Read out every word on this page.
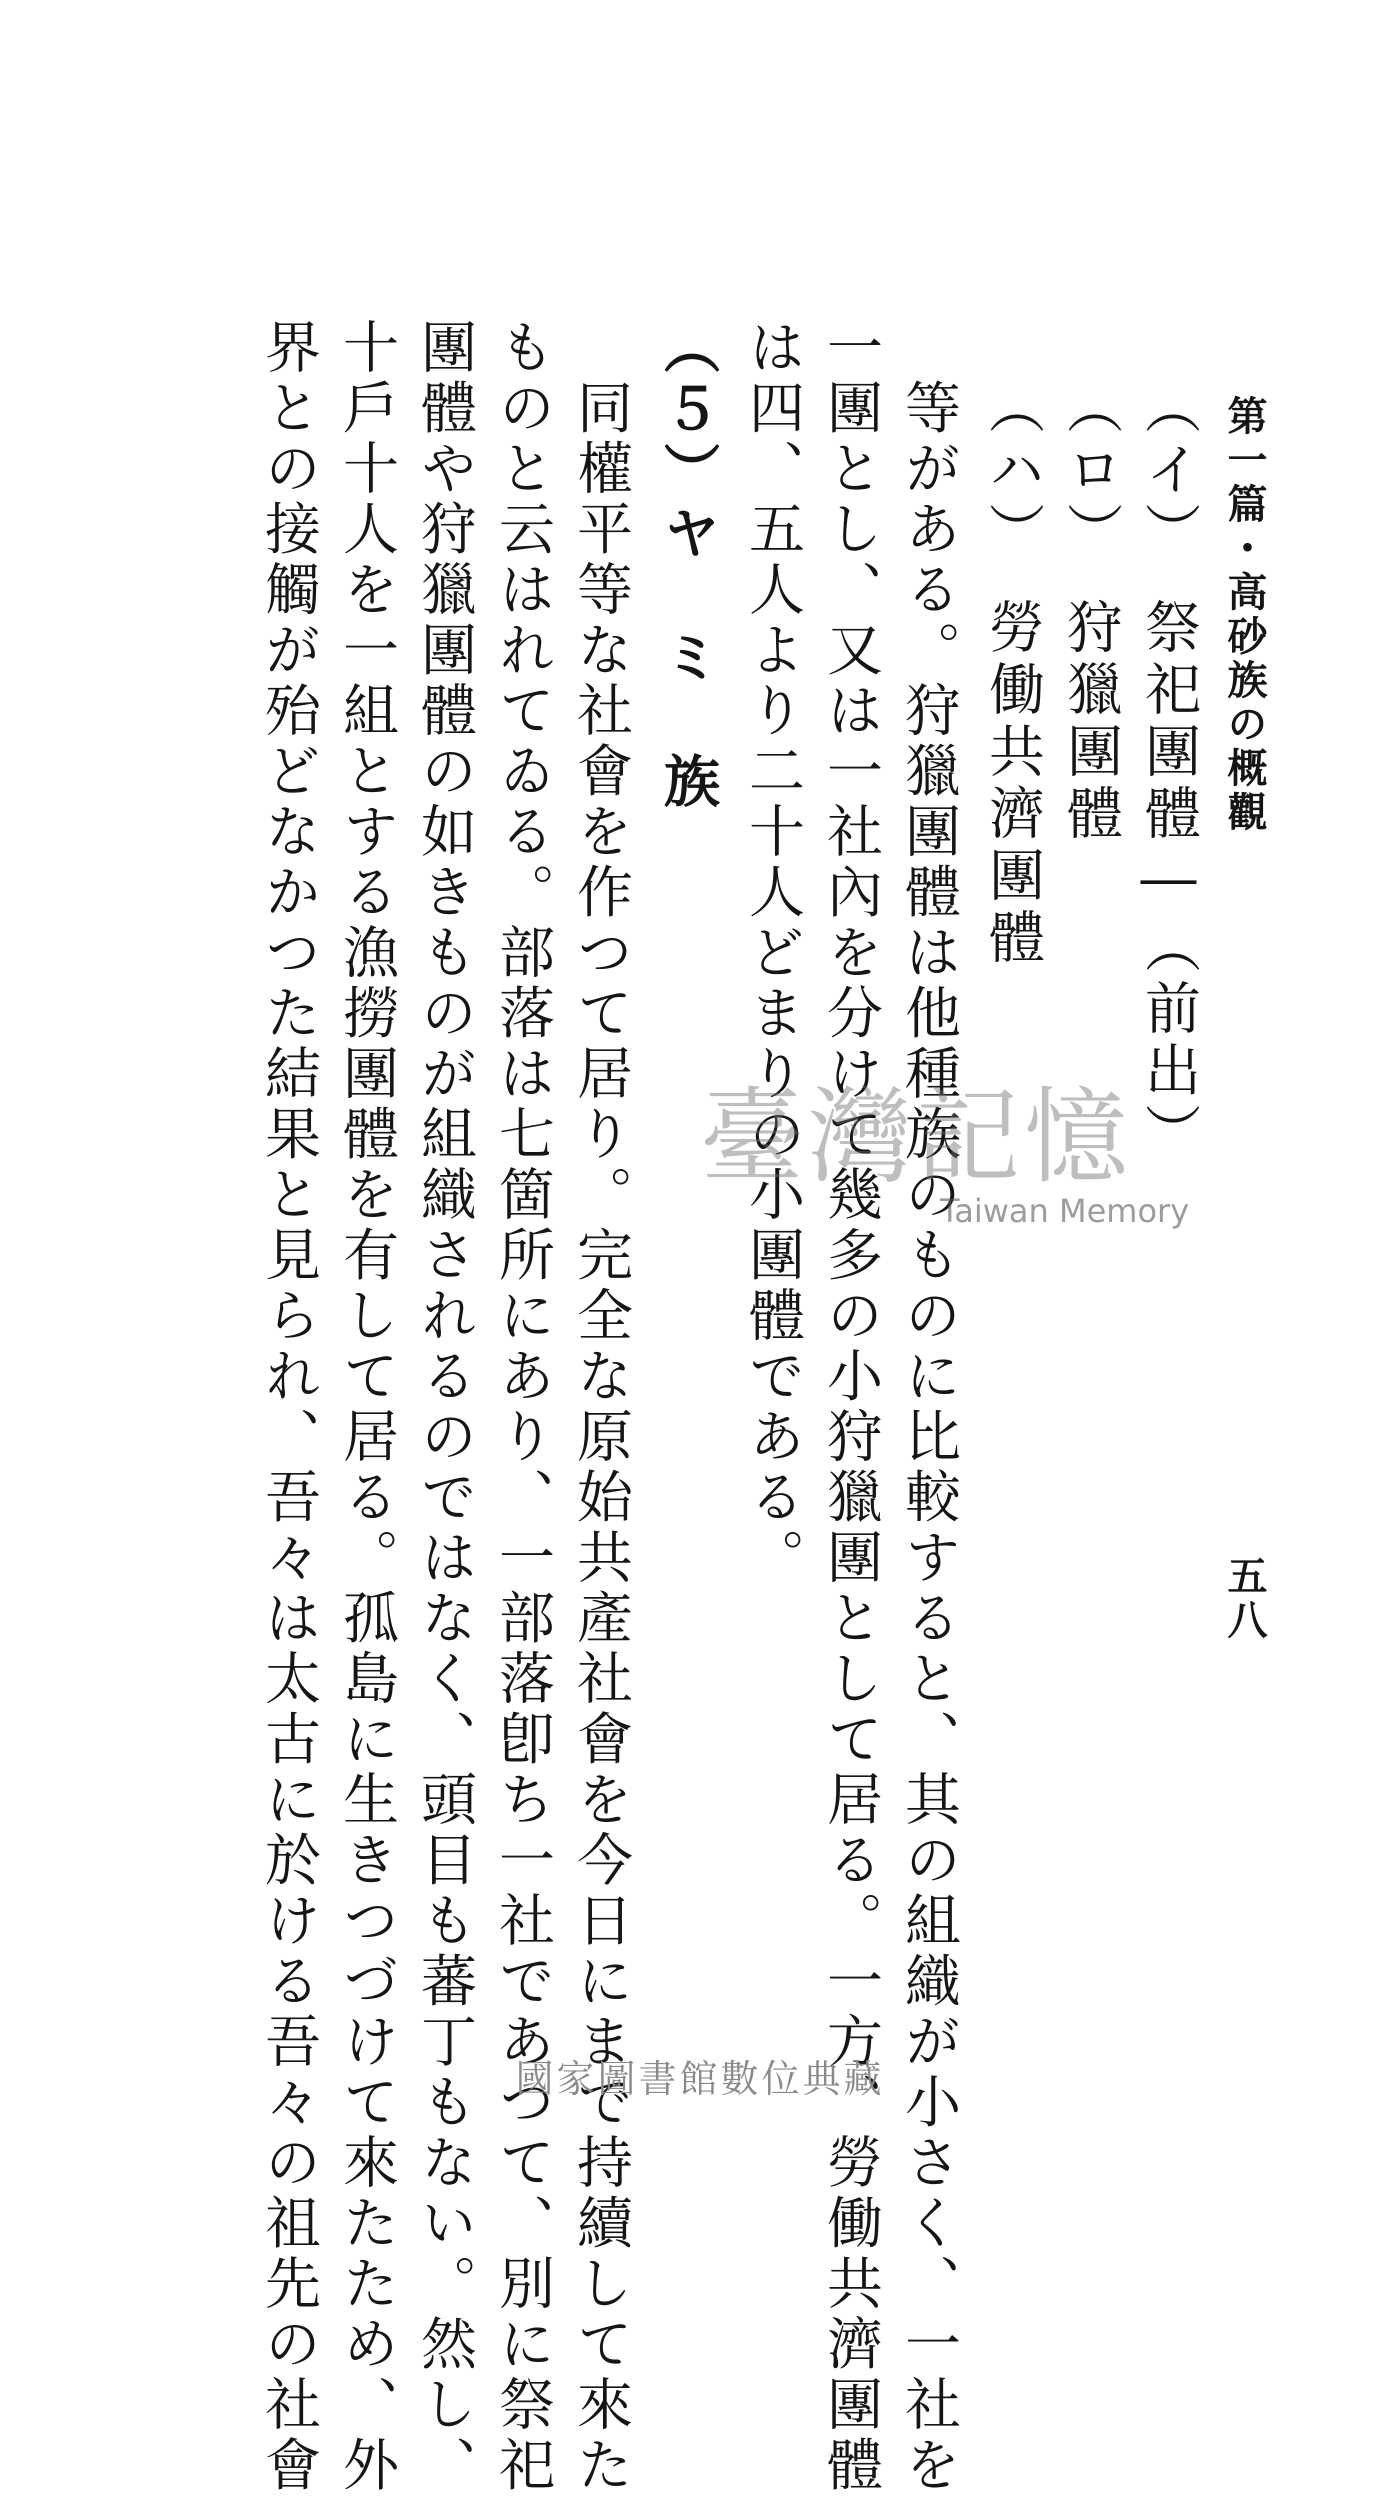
第一篇・高砂族の概觀
五八
（イ）　祭祀團體―（前出）
（ロ）　狩獵團體
（ハ）　勞働共濟團體
　等がある。狩獵團體は他種族のものに比較すると、其の組織が小さく、一社を
一團とし、又は一社內を分けて幾多の小狩獵團として居る。一方、勞働共濟團體
は四、五人より二十人どまりの小團體である。
（５）ヤ　ミ　族
　同權平等な社會を作つて居り。完全な原始共產社會を今日にまで持續して來た
ものと云はれてゐる。部落は七箇所にあり、一部落卽ち一社であつて、別に祭祀
團體や狩獵團體の如きものが組織されるのではなく、頭目も蕃丁もない。然し、
十戶十人を一組とする漁撈團體を有して居る。孤島に生きつづけて來たため、外
界との接觸が殆どなかつた結果と見られ、吾々は太古に於ける吾々の祖先の社會	臺灣記憶
Taiwan Memory
國家圖書館數位典藏
